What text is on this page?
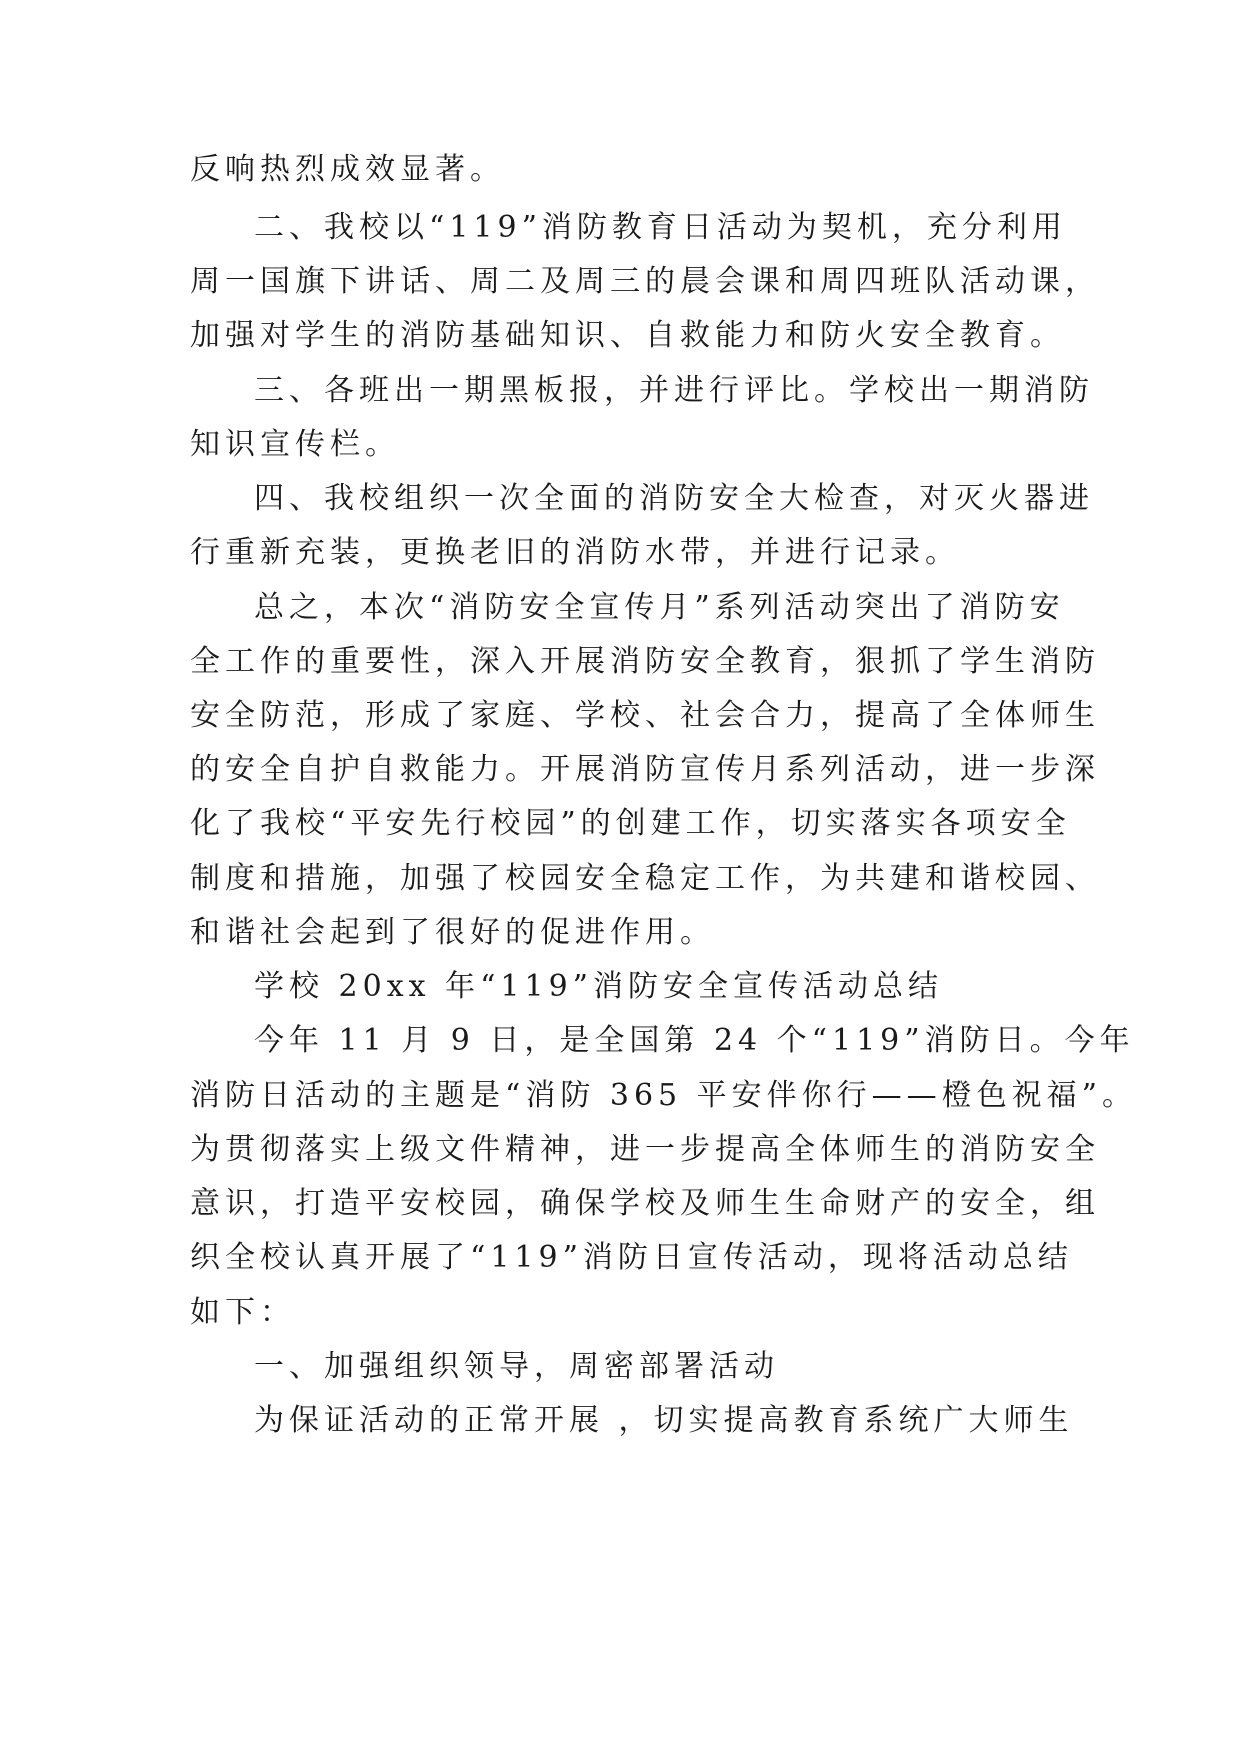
反响热烈成效显著。
二、我校以“119”消防教育日活动为契机，充分利用
周一国旗下讲话、周二及周三的晨会课和周四班队活动课，
加强对学生的消防基础知识、自救能力和防火安全教育。
三、各班出一期黑板报，并进行评比。学校出一期消防
知识宣传栏。
四、我校组织一次全面的消防安全大检查，对灭火器进
行重新充装，更换老旧的消防水带，并进行记录。
总之，本次“消防安全宣传月”系列活动突出了消防安
全工作的重要性，深入开展消防安全教育，狠抓了学生消防
安全防范，形成了家庭、学校、社会合力，提高了全体师生
的安全自护自救能力。开展消防宣传月系列活动，进一步深
化了我校“平安先行校园”的创建工作，切实落实各项安全
制度和措施，加强了校园安全稳定工作，为共建和谐校园、
和谐社会起到了很好的促进作用。
学校 20xx 年“119”消防安全宣传活动总结
今年 11 月 9 日，是全国第 24 个“119”消防日。今年
消防日活动的主题是“消防 365 平安伴你行——橙色祝福”。
为贯彻落实上级文件精神，进一步提高全体师生的消防安全
意识，打造平安校园，确保学校及师生生命财产的安全，组
织全校认真开展了“119”消防日宣传活动，现将活动总结
如下：
一、加强组织领导，周密部署活动
为保证活动的正常开展 ，切实提高教育系统广大师生
